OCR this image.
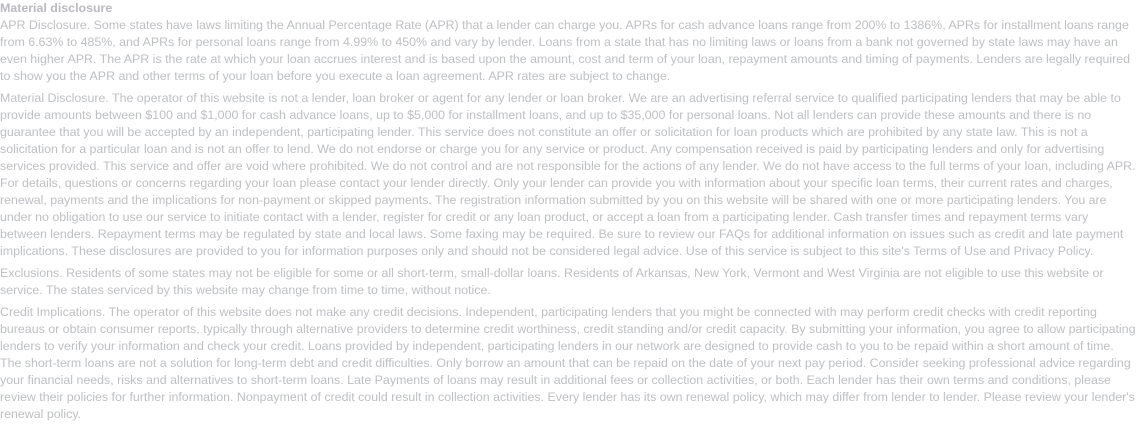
Material disclosure

APR Disclosure. Some states have laws limiting the Annual Percentage Rate (APR) that a lender can charge you. APRs for cash advance loans range from 200% to 1386%, APRs for installment loans range from 6.63% to 485%, and APRs for personal loans range from 4.99% to 450% and vary by lender. Loans from a state that has no limiting laws or loans from a bank not governed by state laws may have an even higher APR. The APR is the rate at which your loan accrues interest and is based upon the amount, cost and term of your loan, repayment amounts and timing of payments. Lenders are legally required to show you the APR and other terms of your loan before you execute a loan agreement. APR rates are subject to change.

Material Disclosure. The operator of this website is not a lender, loan broker or agent for any lender or loan broker. We are an advertising referral service to qualified participating lenders that may be able to provide amounts between $100 and $1,000 for cash advance loans, up to $5,000 for installment loans, and up to $35,000 for personal loans. Not all lenders can provide these amounts and there is no guarantee that you will be accepted by an independent, participating lender. This service does not constitute an offer or solicitation for loan products which are prohibited by any state law. This is not a solicitation for a particular loan and is not an offer to lend. We do not endorse or charge you for any service or product. Any compensation received is paid by participating lenders and only for advertising services provided. This service and offer are void where prohibited. We do not control and are not responsible for the actions of any lender. We do not have access to the full terms of your loan, including APR. For details, questions or concerns regarding your loan please contact your lender directly. Only your lender can provide you with information about your specific loan terms, their current rates and charges, renewal, payments and the implications for non-payment or skipped payments. The registration information submitted by you on this website will be shared with one or more participating lenders. You are under no obligation to use our service to initiate contact with a lender, register for credit or any loan product, or accept a loan from a participating lender. Cash transfer times and repayment terms vary between lenders. Repayment terms may be regulated by state and local laws. Some faxing may be required. Be sure to review our FAQs for additional information on issues such as credit and late payment implications. These disclosures are provided to you for information purposes only and should not be considered legal advice. Use of this service is subject to this site's Terms of Use and Privacy Policy.

Exclusions. Residents of some states may not be eligible for some or all short-term, small-dollar loans. Residents of Arkansas, New York, Vermont and West Virginia are not eligible to use this website or service. The states serviced by this website may change from time to time, without notice.

Credit Implications. The operator of this website does not make any credit decisions. Independent, participating lenders that you might be connected with may perform credit checks with credit reporting bureaus or obtain consumer reports, typically through alternative providers to determine credit worthiness, credit standing and/or credit capacity. By submitting your information, you agree to allow participating lenders to verify your information and check your credit. Loans provided by independent, participating lenders in our network are designed to provide cash to you to be repaid within a short amount of time. The short-term loans are not a solution for long-term debt and credit difficulties. Only borrow an amount that can be repaid on the date of your next pay period. Consider seeking professional advice regarding your financial needs, risks and alternatives to short-term loans. Late Payments of loans may result in additional fees or collection activities, or both. Each lender has their own terms and conditions, please review their policies for further information. Nonpayment of credit could result in collection activities. Every lender has its own renewal policy, which may differ from lender to lender. Please review your lender's renewal policy.
